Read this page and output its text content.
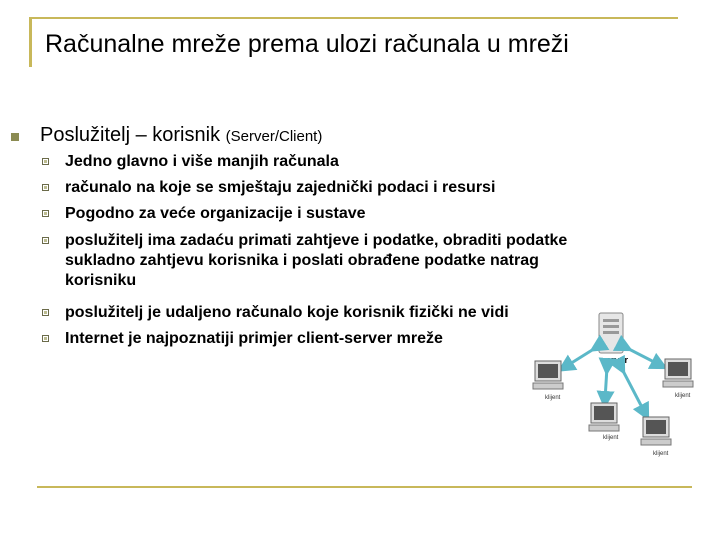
Računalne mreže prema ulozi računala u mreži
Poslužitelj – korisnik (Server/Client)
Jedno glavno i više manjih računala
računalo na koje se smještaju zajednički podaci i resursi
Pogodno za veće organizacije i sustave
poslužitelj ima zadaću primati zahtjeve i podatke, obraditi podatke sukladno zahtjevu korisnika i poslati obrađene podatke natrag korisniku
poslužitelj je udaljeno računalo koje korisnik fizički ne vidi
Internet je najpoznatiji primjer client-server mreže
server
klijent	klijent
klijent
klijent
